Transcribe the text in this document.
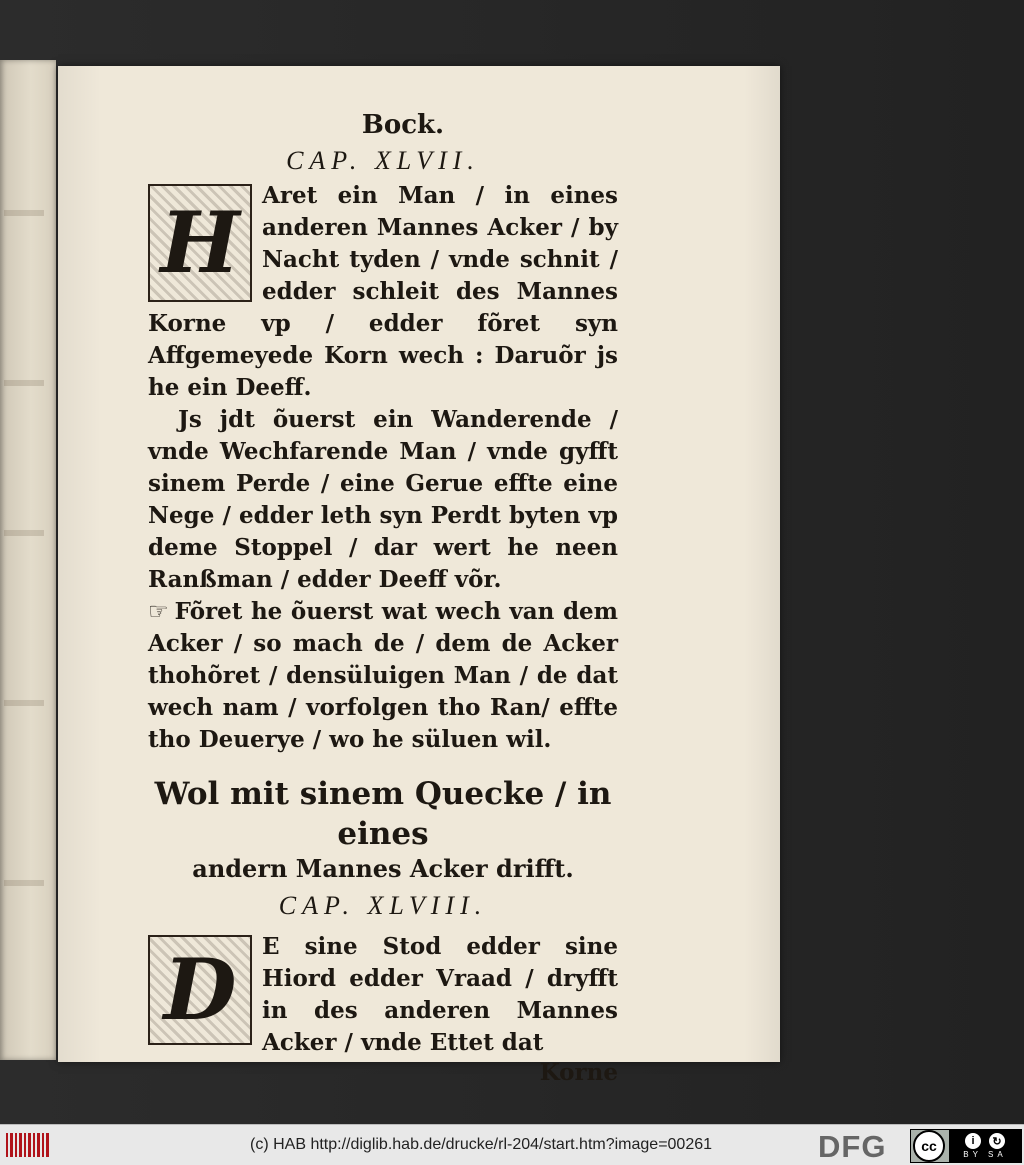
Bock.
CAP. XLVII.

H Aret ein Man / in eines anderen Mannes Acker / by Nacht tyden / vnde schnit / edder schleit des Mannes Korne vp / edder fõret syn Affgemeyede Korn wech : Daruõr js he ein Deeff.

Js jdt õuerst ein Wanderende / vnde Wechfarende Man / vnde gyfft sinem Perde / eine Gerue effte eine Nege / edder leth syn Perdt byten vp deme Stoppel / dar wert he neen Ranßman / edder Deeff võr.

☞ Fõret he õuerst wat wech van dem Acker / so mach de / dem de Acker thohõret / densüluigen Man / de dat wech nam / vorfolgen tho Ran/ effte tho Deuerye / wo he süluen wil.

Wol mit sinem Quecke / in eines
andern Mannes Acker drifft.
CAP. XLVIII.

D	E sine Stod edder sine Hiord edder Vraad / dryfft in des anderen Mannes Acker / vnde Ettet dat

Korne
(c) HAB http://diglib.hab.de/drucke/rl-204/start.htm?image=00261	DFG	cc	i	↻
BY SA
